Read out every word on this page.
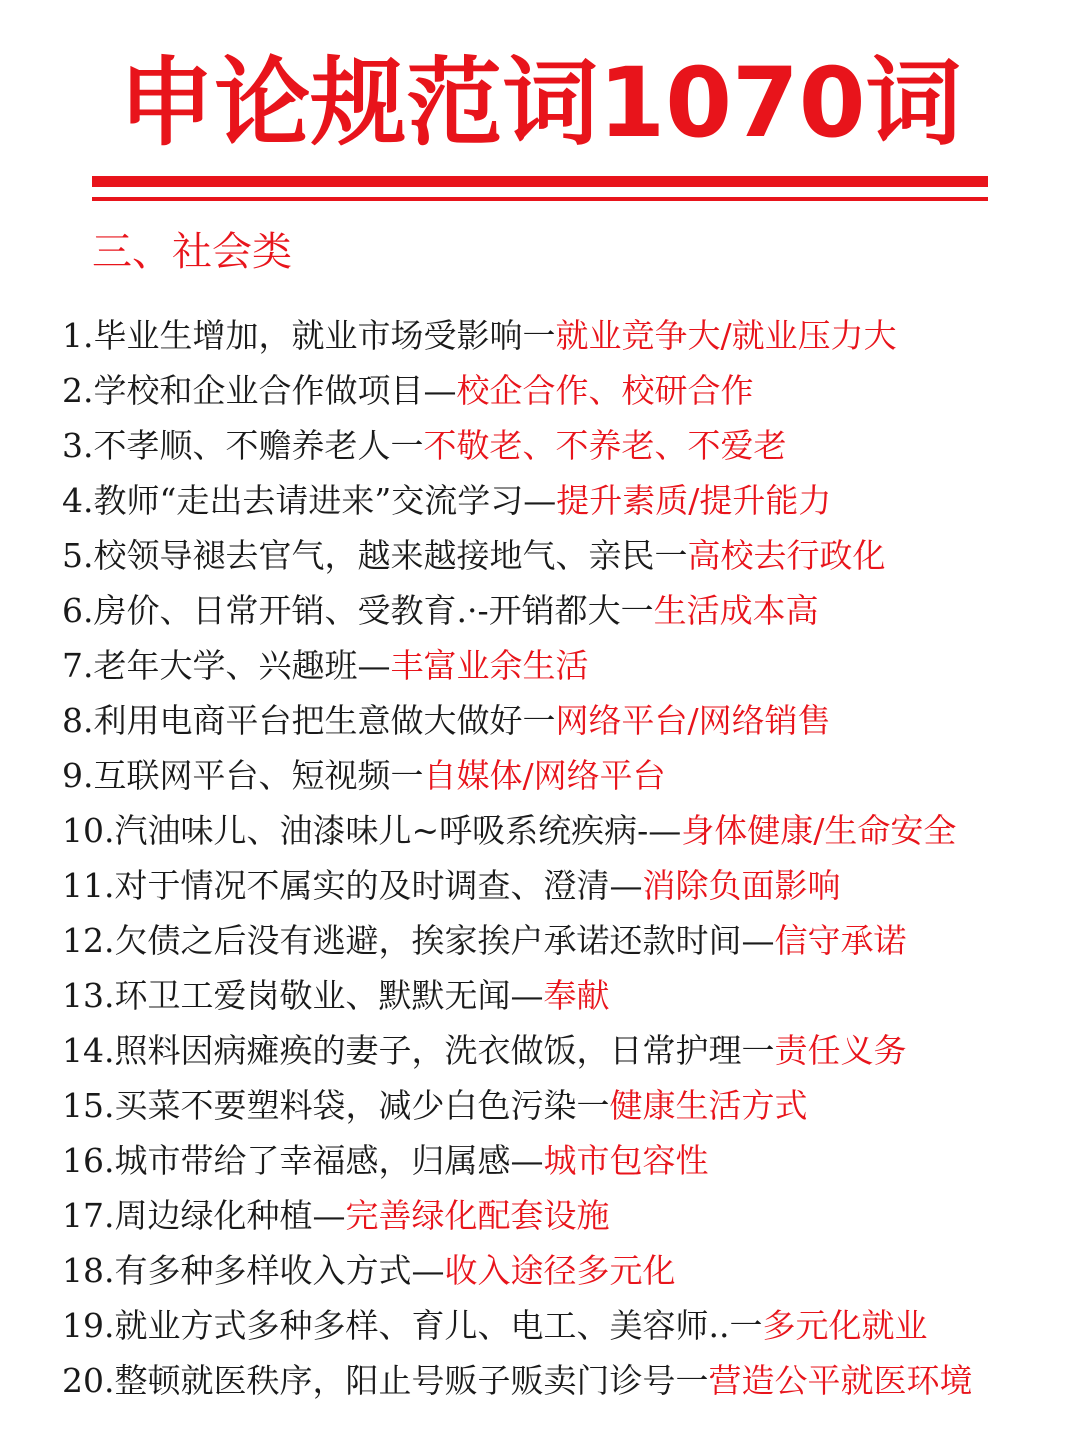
申论规范词1070词
三、社会类
1.毕业生增加，就业市场受影响一就业竞争大/就业压力大
2.学校和企业合作做项目—校企合作、校研合作
3.不孝顺、不赡养老人一不敬老、不养老、不爱老
4.教师“走出去请进来”交流学习—提升素质/提升能力
5.校领导褪去官气，越来越接地气、亲民一高校去行政化
6.房价、日常开销、受教育.·-开销都大一生活成本高
7.老年大学、兴趣班—丰富业余生活
8.利用电商平台把生意做大做好一网络平台/网络销售
9.互联网平台、短视频一自媒体/网络平台
10.汽油味儿、油漆味儿~呼吸系统疾病-—身体健康/生命安全
11.对于情况不属实的及时调查、澄清—消除负面影响
12.欠债之后没有逃避，挨家挨户承诺还款时间—信守承诺
13.环卫工爱岗敬业、默默无闻—奉献
14.照料因病瘫痪的妻子，洗衣做饭，日常护理一责任义务
15.买菜不要塑料袋，减少白色污染一健康生活方式
16.城市带给了幸福感，归属感—城市包容性
17.周边绿化种植—完善绿化配套设施
18.有多种多样收入方式—收入途径多元化
19.就业方式多种多样、育儿、电工、美容师..一多元化就业
20.整顿就医秩序，阳止号贩子贩卖门诊号一营造公平就医环境
